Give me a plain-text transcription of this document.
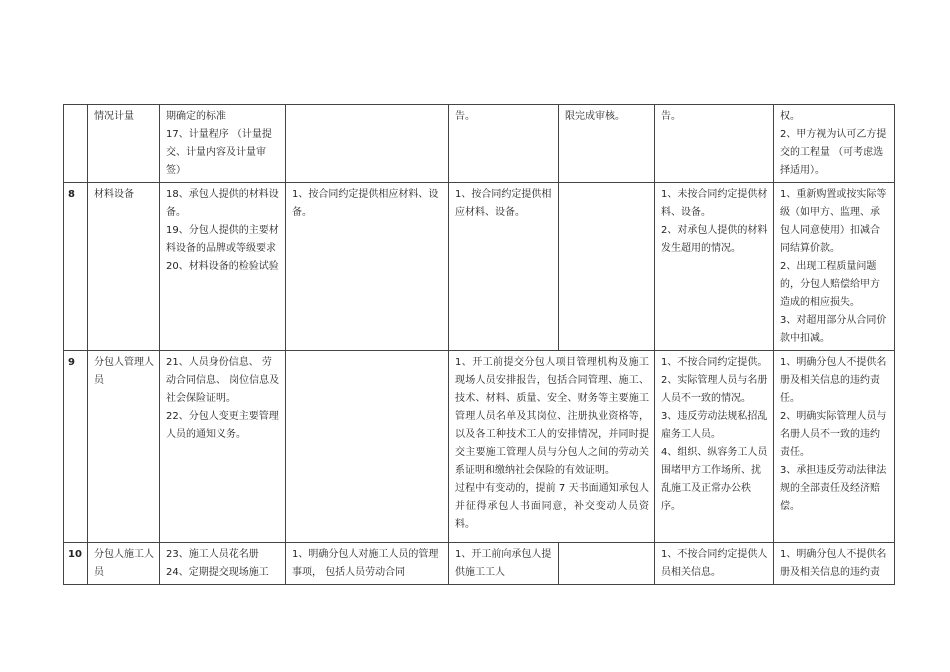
	情况计量	期确定的标准
17、计量程序 （计量提交、计量内容及计量审签）		告。	限完成审核。	告。	权。
2、甲方视为认可乙方提交的工程量 （可考虑选择适用）。

8	材料设备	18、承包人提供的材料设备。
19、分包人提供的主要材料设备的品牌或等级要求
20、材料设备的检验试验	1、按合同约定提供相应材料、设备。	1、按合同约定提供相应材料、设备。		1、未按合同约定提供材料、设备。
2、对承包人提供的材料发生超用的情况。	1、重新购置或按实际等级（如甲方、监理、承包人同意使用）扣减合同结算价款。
2、出现工程质量问题的，分包人赔偿给甲方造成的相应损失。
3、对超用部分从合同价款中扣减。

9	分包人管理人员	21、人员身份信息、 劳动合同信息、 岗位信息及社会保险证明。
22、分包人变更主要管理人员的通知义务。		1、开工前提交分包人项目管理机构及施工现场人员安排报告，包括合同管理、施工、技术、材料、质量、安全、财务等主要施工管理人员名单及其岗位、注册执业资格等，以及各工种技术工人的安排情况，并同时提交主要施工管理人员与分包人之间的劳动关系证明和缴纳社会保险的有效证明。
过程中有变动的，提前 7 天书面通知承包人并征得承包人书面同意，补交变动人员资料。		1、不按合同约定提供。
2、实际管理人员与名册人员不一致的情况。
3、违反劳动法规私招乱雇务工人员。
4、组织、纵容务工人员围堵甲方工作场所、扰乱施工及正常办公秩序。	1、明确分包人不提供名册及相关信息的违约责任。
2、明确实际管理人员与名册人员不一致的违约责任。
3、承担违反劳动法律法规的全部责任及经济赔偿。

10	分包人施工人员	23、施工人员花名册
24、定期提交现场施工	1、明确分包人对施工人员的管理事项， 包括人员劳动合同	1、开工前向承包人提供施工工人		1、不按合同约定提供人员相关信息。	1、明确分包人不提供名册及相关信息的违约责
